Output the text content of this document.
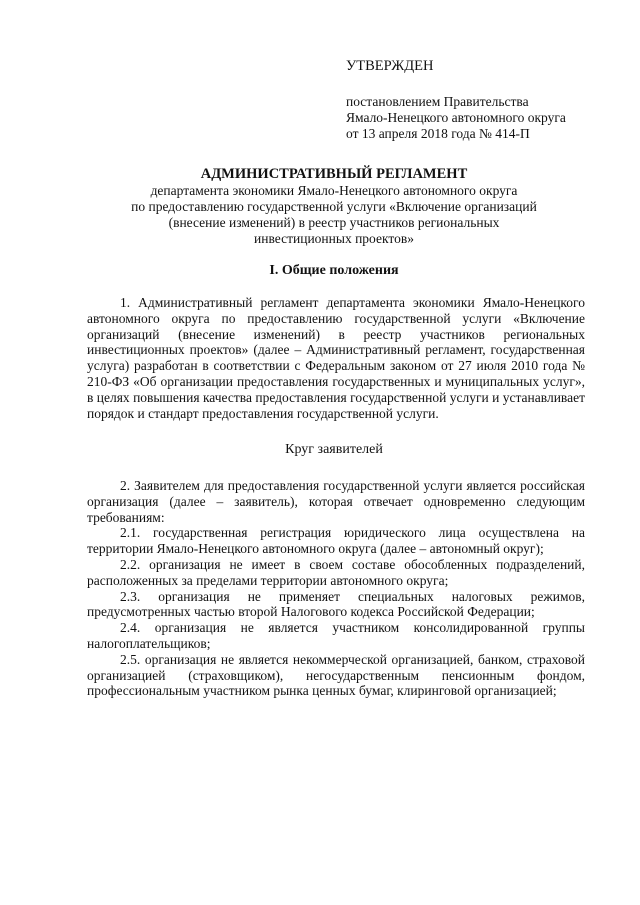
УТВЕРЖДЕН
постановлением Правительства
Ямало-Ненецкого автономного округа
от 13 апреля 2018 года № 414-П
АДМИНИСТРАТИВНЫЙ РЕГЛАМЕНТ
департамента экономики Ямало-Ненецкого автономного округа
по предоставлению государственной услуги «Включение организаций
(внесение изменений) в реестр участников региональных
инвестиционных проектов»
I. Общие положения

1. Административный регламент департамента экономики Ямало-Ненецкого автономного округа по предоставлению государственной услуги «Включение организаций (внесение изменений) в реестр участников региональных инвестиционных проектов» (далее – Административный регламент, государственная услуга) разработан в соответствии с Федеральным законом от 27 июля 2010 года № 210-ФЗ «Об организации предоставления государственных и муниципальных услуг», в целях повышения качества предоставления государственной услуги и устанавливает порядок и стандарт предоставления государственной услуги.

Круг заявителей

2. Заявителем для предоставления государственной услуги является российская организация (далее – заявитель), которая отвечает одновременно следующим требованиям:

2.1. государственная регистрация юридического лица осуществлена на территории Ямало-Ненецкого автономного округа (далее – автономный округ);

2.2. организация не имеет в своем составе обособленных подразделений, расположенных за пределами территории автономного округа;

2.3. организация не применяет специальных налоговых режимов, предусмотренных частью второй Налогового кодекса Российской Федерации;

2.4. организация не является участником консолидированной группы налогоплательщиков;

2.5. организация не является некоммерческой организацией, банком, страховой организацией (страховщиком), негосударственным пенсионным фондом, профессиональным участником рынка ценных бумаг, клиринговой организацией;
